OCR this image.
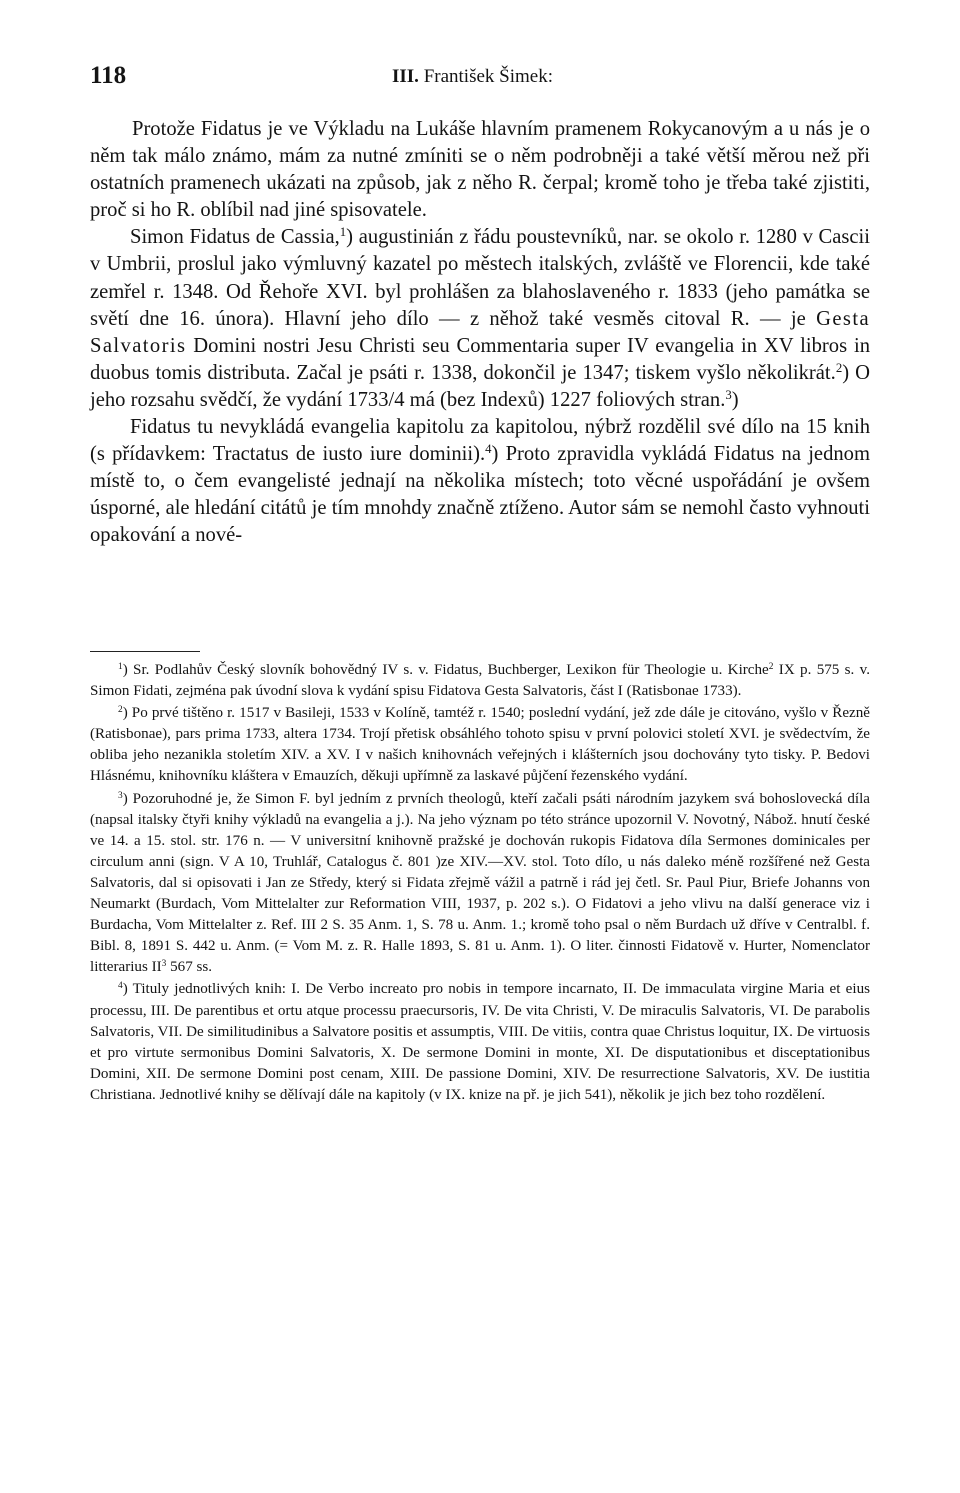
118	III. František Šimek:

Protože Fidatus je ve Výkladu na Lukáše hlavním pramenem Rokycanovým a u nás je o něm tak málo známo, mám za nutné zmíniti se o něm podrobněji a také větší měrou než při ostatních pramenech ukázati na způsob, jak z něho R. čerpal; kromě toho je třeba také zjistiti, proč si ho R. oblíbil nad jiné spisovatele.

Simon Fidatus de Cassia,$^1$) augustinián z řádu poustevníků, nar. se okolo r. 1280 v Cascii v Umbrii, proslul jako výmluvný kazatel po městech italských, zvláště ve Florencii, kde také zemřel r. 1348. Od Řehoře XVI. byl prohlášen za blahoslaveného r. 1833 (jeho památka se světí dne 16. února). Hlavní jeho dílo — z něhož také vesměs citoval R. — je Gesta Salvatoris Domini nostri Jesu Christi seu Commentaria super IV evangelia in XV libros in duobus tomis distributa. Začal je psáti r. 1338, dokončil je 1347; tiskem vyšlo několikrát.$^2$) O jeho rozsahu svědčí, že vydání 1733/4 má (bez Indexů) 1227 foliových stran.$^3$)

Fidatus tu nevykládá evangelia kapitolu za kapitolou, nýbrž rozdělil své dílo na 15 knih (s přídavkem: Tractatus de iusto iure dominii).$^4$) Proto zpravidla vykládá Fidatus na jednom místě to, o čem evangelisté jednají na několika místech; toto věcné uspořádání je ovšem úsporné, ale hledání citátů je tím mnohdy značně ztíženo. Autor sám se nemohl často vyhnouti opakování a nové-

$^1$) Sr. Podlahův Český slovník bohovědný IV s. v. Fidatus, Buchberger, Lexikon für Theologie u. Kirche$^2$ IX p. 575 s. v. Simon Fidati, zejména pak úvodní slova k vydání spisu Fidatova Gesta Salvatoris, část I (Ratisbonae 1733).

$^2$) Po prvé tištěno r. 1517 v Basileji, 1533 v Kolíně, tamtéž r. 1540; poslední vydání, jež zde dále je citováno, vyšlo v Řezně (Ratisbonae), pars prima 1733, altera 1734. Trojí přetisk obsáhlého tohoto spisu v první polovici století XVI. je svědectvím, že obliba jeho nezanikla stoletím XIV. a XV. I v našich knihovnách veřejných i klášterních jsou dochovány tyto tisky. P. Bedovi Hlásnému, knihovníku kláštera v Emauzích, děkuji upřímně za laskavé půjčení řezenského vydání.

$^3$) Pozoruhodné je, že Simon F. byl jedním z prvních theologů, kteří začali psáti národním jazykem svá bohoslovecká díla (napsal italsky čtyři knihy výkladů na evangelia a j.). Na jeho význam po této stránce upozornil V. Novotný, Nábož. hnutí české ve 14. a 15. stol. str. 176 n. — V universitní knihovně pražské je dochován rukopis Fidatova díla Sermones dominicales per circulum anni (sign. V A 10, Truhlář, Catalogus č. 801 )ze XIV.—XV. stol. Toto dílo, u nás daleko méně rozšířené než Gesta Salvatoris, dal si opisovati i Jan ze Středy, který si Fidata zřejmě vážil a patrně i rád jej četl. Sr. Paul Piur, Briefe Johanns von Neumarkt (Burdach, Vom Mittelalter zur Reformation VIII, 1937, p. 202 s.). O Fidatovi a jeho vlivu na další generace viz i Burdacha, Vom Mittelalter z. Ref. III 2 S. 35 Anm. 1, S. 78 u. Anm. 1.; kromě toho psal o něm Burdach už dříve v Centralbl. f. Bibl. 8, 1891 S. 442 u. Anm. (= Vom M. z. R. Halle 1893, S. 81 u. Anm. 1). O liter. činnosti Fidatově v. Hurter, Nomenclator litterarius $II^3$ 567 ss.

$^4$) Tituly jednotlivých knih: I. De Verbo increato pro nobis in tempore incarnato, II. De immaculata virgine Maria et eius processu, III. De parentibus et ortu atque processu praecursoris, IV. De vita Christi, V. De miraculis Salvatoris, VI. De parabolis Salvatoris, VII. De similitudinibus a Salvatore positis et assumptis, VIII. De vitiis, contra quae Christus loquitur, IX. De virtuosis et pro virtute sermonibus Domini Salvatoris, X. De sermone Domini in monte, XI. De disputationibus et disceptationibus Domini, XII. De sermone Domini post cenam, XIII. De passione Domini, XIV. De resurrectione Salvatoris, XV. De iustitia Christiana. Jednotlivé knihy se dělívají dále na kapitoly (v IX. knize na př. je jich 541), několik je jich bez toho rozdělení.
